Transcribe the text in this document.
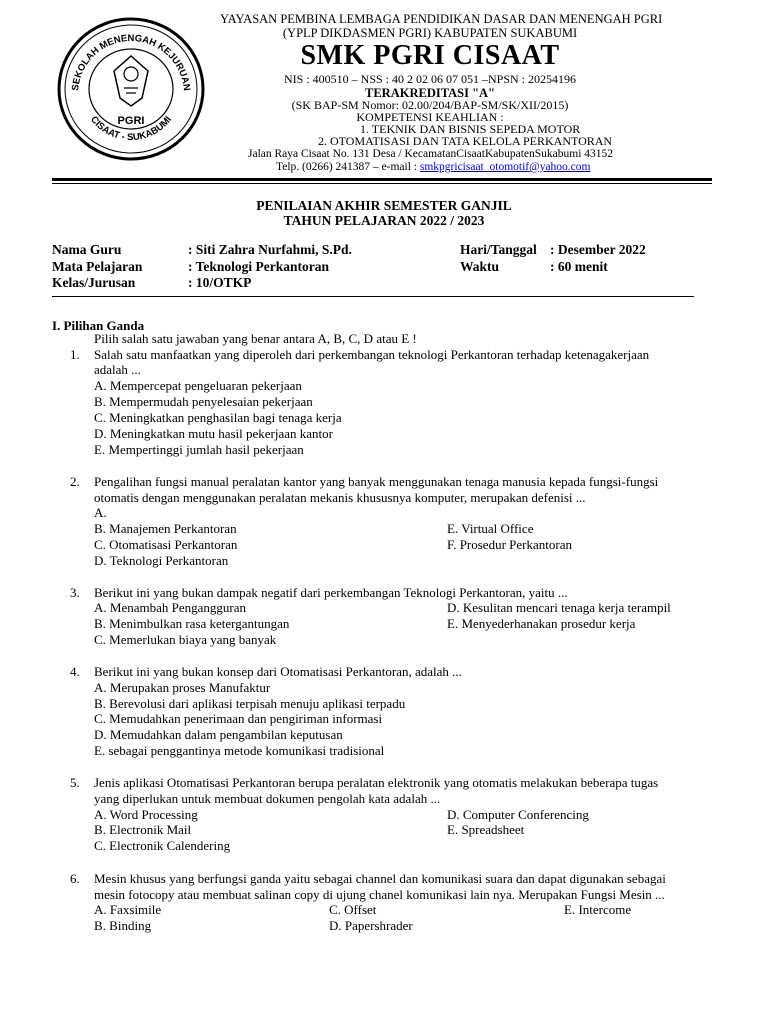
SEKOLAH MENENGAH KEJURUAN
CISAAT - SUKABUMI
PGRI
YAYASAN PEMBINA LEMBAGA PENDIDIKAN DASAR DAN MENENGAH PGRI
(YPLP DIKDASMEN PGRI) KABUPATEN SUKABUMI
SMK PGRI CISAAT
NIS : 400510 – NSS : 40 2 02 06 07 051 –NPSN : 20254196
TERAKREDITASI "A"
(SK BAP-SM Nomor: 02.00/204/BAP-SM/SK/XII/2015)
KOMPETENSI KEAHLIAN :
1. TEKNIK DAN BISNIS SEPEDA MOTOR
2. OTOMATISASI DAN TATA KELOLA PERKANTORAN
Jalan Raya Cisaat No. 131 Desa / KecamatanCisaatKabupatenSukabumi 43152
Telp. (0266) 241387 – e-mail : smkpgricisaat_otomotif@yahoo.com
PENILAIAN AKHIR SEMESTER GANJIL
TAHUN PELAJARAN 2022 / 2023
Nama Guru	: Siti Zahra Nurfahmi, S.Pd.
Mata Pelajaran	: Teknologi Perkantoran
Kelas/Jurusan	: 10/OTKP
Hari/Tanggal : Desember 2022
Waktu	: 60 menit
I. Pilihan Ganda
Pilih salah satu jawaban yang benar antara A, B, C, D atau E !
1. Salah satu manfaatkan yang diperoleh dari perkembangan teknologi Perkantoran terhadap ketenagakerjaan
adalah ...
A. Mempercepat pengeluaran pekerjaan
B. Mempermudah penyelesaian pekerjaan
C. Meningkatkan penghasilan bagi tenaga kerja
D. Meningkatkan mutu hasil pekerjaan kantor
E. Mempertinggi jumlah hasil pekerjaan
2. Pengalihan fungsi manual peralatan kantor yang banyak menggunakan tenaga manusia kepada fungsi-fungsi
otomatis dengan menggunakan peralatan mekanis khususnya komputer, merupakan defenisi ...
A.
B. Manajemen Perkantoran
C. Otomatisasi Perkantoran
D. Teknologi Perkantoran
E. Virtual Office
F. Prosedur Perkantoran
3. Berikut ini yang bukan dampak negatif dari perkembangan Teknologi Perkantoran, yaitu ...
A. Menambah Pengangguran
B. Menimbulkan rasa ketergantungan
C. Memerlukan biaya yang banyak
D. Kesulitan mencari tenaga kerja terampil
E. Menyederhanakan prosedur kerja
4. Berikut ini yang bukan konsep dari Otomatisasi Perkantoran, adalah ...
A. Merupakan proses Manufaktur
B. Berevolusi dari aplikasi terpisah menuju aplikasi terpadu
C. Memudahkan penerimaan dan pengiriman informasi
D. Memudahkan dalam pengambilan keputusan
E. sebagai penggantinya metode komunikasi tradisional
5. Jenis aplikasi Otomatisasi Perkantoran berupa peralatan elektronik yang otomatis melakukan beberapa tugas
yang diperlukan untuk membuat dokumen pengolah kata adalah ...
A. Word Processing
B. Electronik Mail
C. Electronik Calendering
D. Computer Conferencing
E. Spreadsheet
6. Mesin khusus yang berfungsi ganda yaitu sebagai channel dan komunikasi suara dan dapat digunakan sebagai
mesin fotocopy atau membuat salinan copy di ujung chanel komunikasi lain nya. Merupakan Fungsi Mesin ...
A. Faxsimile
B. Binding
C. Offset
D. Papershrader
E. Intercome
